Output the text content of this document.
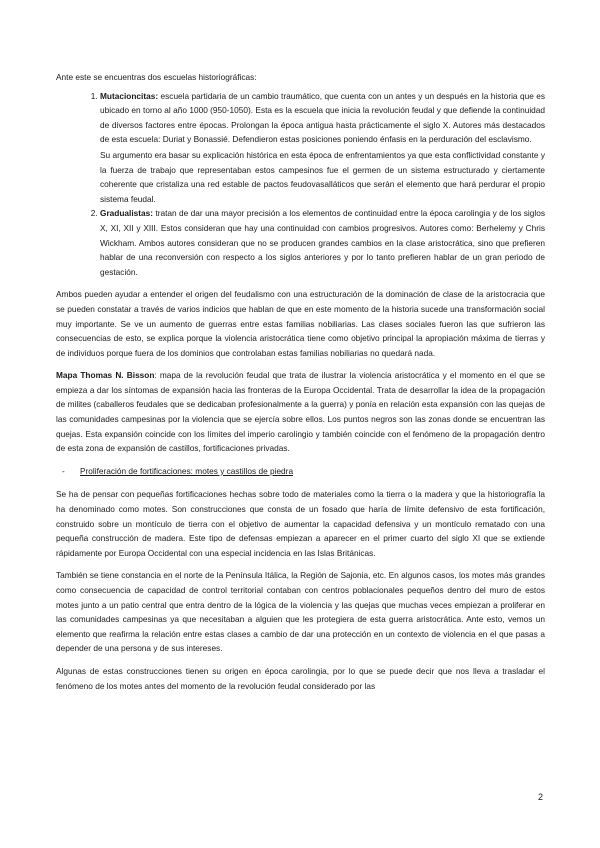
Ante este se encuentras dos escuelas historiográficas:

1. Mutacioncitas: escuela partidaria de un cambio traumático, que cuenta con un antes y un después en la historia que es ubicado en torno al año 1000 (950-1050). Esta es la escuela que inicia la revolución feudal y que defiende la continuidad de diversos factores entre épocas. Prolongan la época antigua hasta prácticamente el siglo X. Autores más destacados de esta escuela: Duriat y Bonassié. Defendieron estas posiciones poniendo énfasis en la perduración del esclavismo.

Su argumento era basar su explicación histórica en esta época de enfrentamientos ya que esta conflictividad constante y la fuerza de trabajo que representaban estos campesinos fue el germen de un sistema estructurado y ciertamente coherente que cristaliza una red estable de pactos feudovasalláticos que serán el elemento que hará perdurar el propio sistema feudal.

2. Gradualistas: tratan de dar una mayor precisión a los elementos de continuidad entre la época carolingia y de los siglos X, XI, XII y XIII. Estos consideran que hay una continuidad con cambios progresivos. Autores como: Berhelemy y Chris Wickham. Ambos autores consideran que no se producen grandes cambios en la clase aristocrática, sino que prefieren hablar de una reconversión con respecto a los siglos anteriores y por lo tanto prefieren hablar de un gran periodo de gestación.

Ambos pueden ayudar a entender el origen del feudalismo con una estructuración de la dominación de clase de la aristocracia que se pueden constatar a través de varios indicios que hablan de que en este momento de la historia sucede una transformación social muy importante. Se ve un aumento de guerras entre estas familias nobiliarias. Las clases sociales fueron las que sufrieron las consecuencias de esto, se explica porque la violencia aristocrática tiene como objetivo principal la apropiación máxima de tierras y de individuos porque fuera de los dominios que controlaban estas familias nobiliarias no quedará nada.

Mapa Thomas N. Bisson: mapa de la revolución feudal que trata de ilustrar la violencia aristocrática y el momento en el que se empieza a dar los síntomas de expansión hacia las fronteras de la Europa Occidental. Trata de desarrollar la idea de la propagación de milites (caballeros feudales que se dedicaban profesionalmente a la guerra) y ponía en relación esta expansión con las quejas de las comunidades campesinas por la violencia que se ejercía sobre ellos. Los puntos negros son las zonas donde se encuentran las quejas. Esta expansión coincide con los límites del imperio carolingio y también coincide con el fenómeno de la propagación dentro de esta zona de expansión de castillos, fortificaciones privadas.

- Proliferación de fortificaciones: motes y castillos de piedra

Se ha de pensar con pequeñas fortificaciones hechas sobre todo de materiales como la tierra o la madera y que la historiografía la ha denominado como motes. Son construcciones que consta de un fosado que haría de límite defensivo de esta fortificación, construido sobre un montículo de tierra con el objetivo de aumentar la capacidad defensiva y un montículo rematado con una pequeña construcción de madera. Este tipo de defensas empiezan a aparecer en el primer cuarto del siglo XI que se extiende rápidamente por Europa Occidental con una especial incidencia en las Islas Británicas.

También se tiene constancia en el norte de la Península Itálica, la Región de Sajonia, etc. En algunos casos, los motes más grandes como consecuencia de capacidad de control territorial contaban con centros poblacionales pequeños dentro del muro de estos motes junto a un patio central que entra dentro de la lógica de la violencia y las quejas que muchas veces empiezan a proliferar en las comunidades campesinas ya que necesitaban a alguien que les protegiera de esta guerra aristocrática. Ante esto, vemos un elemento que reafirma la relación entre estas clases a cambio de dar una protección en un contexto de violencia en el que pasas a depender de una persona y de sus intereses.

Algunas de estas construcciones tienen su origen en época carolingia, por lo que se puede decir que nos lleva a trasladar el fenómeno de los motes antes del momento de la revolución feudal considerado por las

2
